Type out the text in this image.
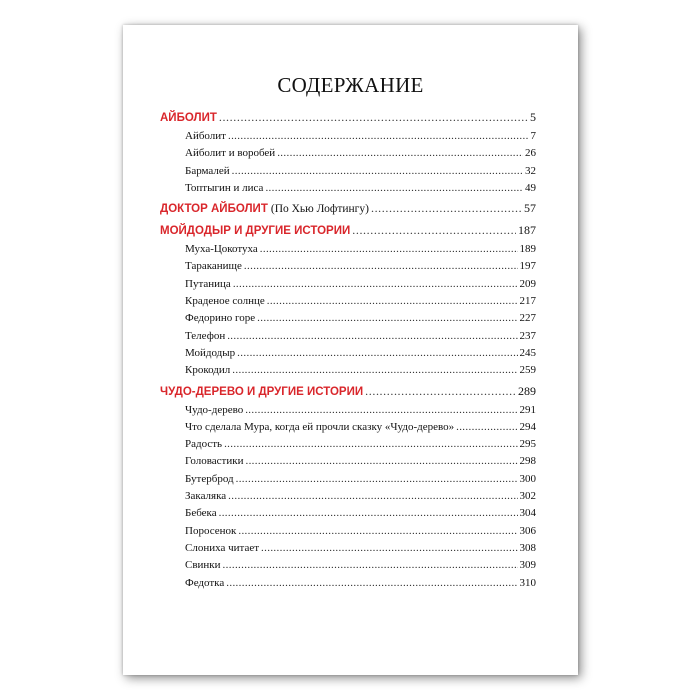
СОДЕРЖАНИЕ
АЙБОЛИТ . . .	5
Айболит . . .	7
Айболит и воробей . . .	26
Бармалей . . .	32
Топтыгин и лиса . . .	49
ДОКТОР АЙБОЛИТ (По Хью Лофтингу) . . .	57
МОЙДОДЫР И ДРУГИЕ ИСТОРИИ . . .	187
Муха-Цокотуха . . .	189
Тараканище . . .	197
Путаница . . .	209
Краденое солнце . . .	217
Федорино горе . . .	227
Телефон . . .	237
Мойдодыр . . .	245
Крокодил . . .	259
ЧУДО-ДЕРЕВО И ДРУГИЕ ИСТОРИИ . . .	289
Чудо-дерево . . .	291
Что сделала Мура, когда ей прочли сказку «Чудо-дерево» . . .	294
Радость . . .	295
Головастики . . .	298
Бутерброд . . .	300
Закаляка . . .	302
Бебека . . .	304
Поросенок . . .	306
Слониха читает . . .	308
Свинки . . .	309
Федотка . . .	310
